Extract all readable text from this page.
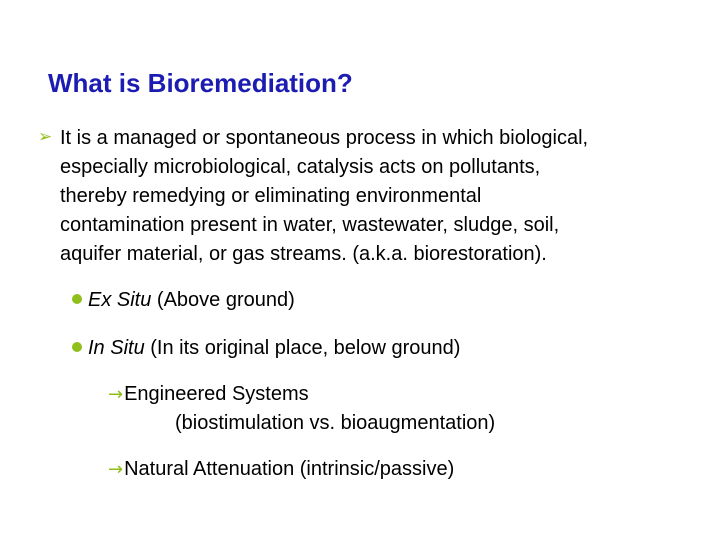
What is Bioremediation?
➢ It is a managed or spontaneous process in which biological,
especially microbiological, catalysis acts on pollutants,
thereby remedying or eliminating environmental
contamination present in water, wastewater, sludge, soil,
aquifer material, or gas streams. (a.k.a. biorestoration).
Ex Situ (Above ground)
In Situ (In its original place, below ground)
→Engineered Systems
(biostimulation vs. bioaugmentation)
→Natural Attenuation (intrinsic/passive)
